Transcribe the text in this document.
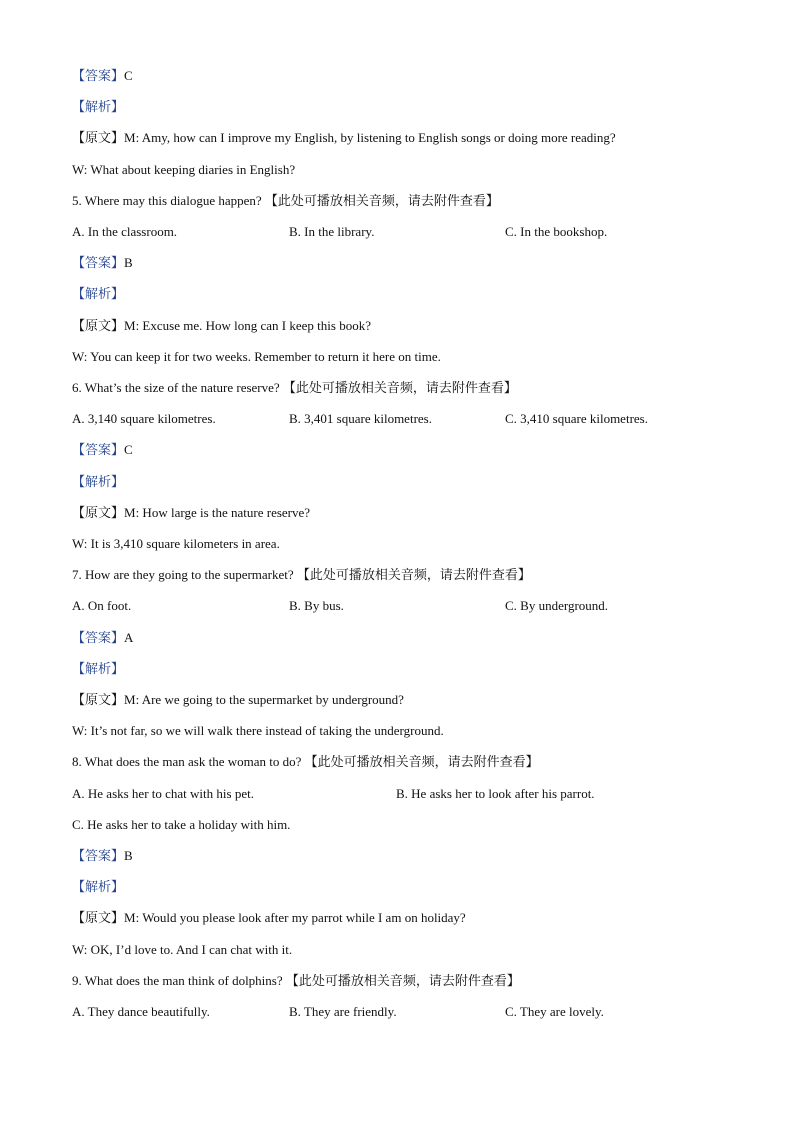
【答案】C
【解析】
【原文】M: Amy, how can I improve my English, by listening to English songs or doing more reading?
W: What about keeping diaries in English?
5. Where may this dialogue happen? 【此处可播放相关音频，请去附件查看】
A. In the classroom.	B. In the library.	C. In the bookshop.
【答案】B
【解析】
【原文】M: Excuse me. How long can I keep this book?
W: You can keep it for two weeks. Remember to return it here on time.
6. What’s the size of the nature reserve? 【此处可播放相关音频，请去附件查看】
A. 3,140 square kilometres.	B. 3,401 square kilometres.	C. 3,410 square kilometres.
【答案】C
【解析】
【原文】M: How large is the nature reserve?
W: It is 3,410 square kilometers in area.
7. How are they going to the supermarket? 【此处可播放相关音频，请去附件查看】
A. On foot.	B. By bus.	C. By underground.
【答案】A
【解析】
【原文】M: Are we going to the supermarket by underground?
W: It’s not far, so we will walk there instead of taking the underground.
8. What does the man ask the woman to do? 【此处可播放相关音频，请去附件查看】
A. He asks her to chat with his pet.	B. He asks her to look after his parrot.
C. He asks her to take a holiday with him.
【答案】B
【解析】
【原文】M: Would you please look after my parrot while I am on holiday?
W: OK, I’d love to. And I can chat with it.
9. What does the man think of dolphins? 【此处可播放相关音频，请去附件查看】
A. They dance beautifully.	B. They are friendly.	C. They are lovely.
